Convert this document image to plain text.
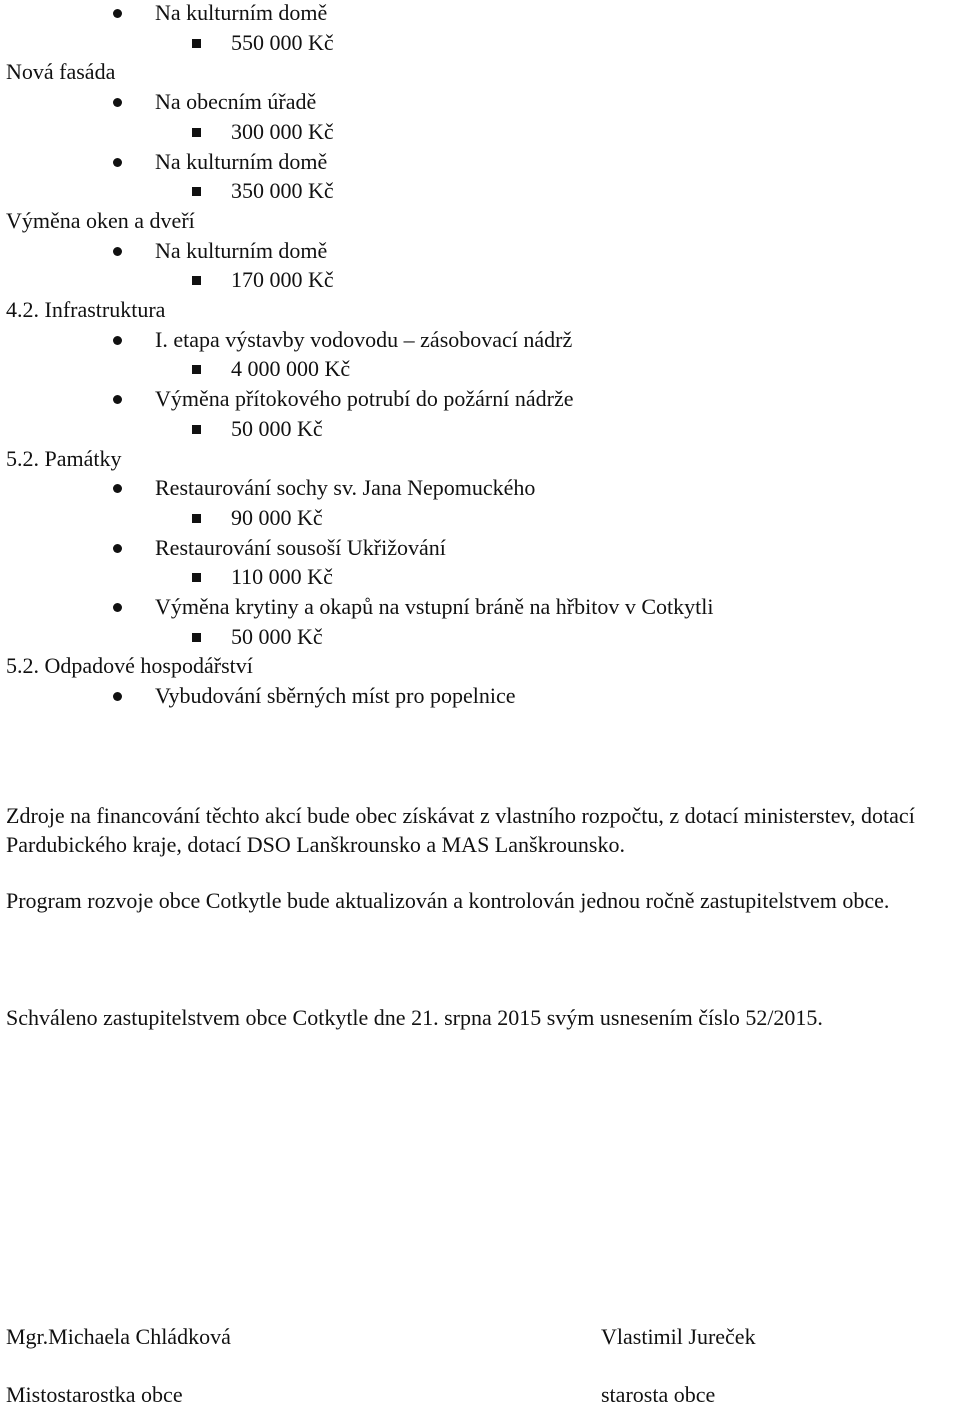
Na kulturním domě
550 000 Kč
Nová fasáda
Na obecním úřadě
300 000 Kč
Na kulturním domě
350 000 Kč
Výměna oken a dveří
Na kulturním domě
170 000 Kč
4.2. Infrastruktura
I. etapa výstavby vodovodu – zásobovací nádrž
4 000 000 Kč
Výměna přítokového potrubí do požární nádrže
50 000 Kč
5.2. Památky
Restaurování sochy sv. Jana Nepomuckého
90 000 Kč
Restaurování sousoší Ukřižování
110 000 Kč
Výměna krytiny a okapů na vstupní bráně na hřbitov v Cotkytli
50 000 Kč
5.2. Odpadové hospodářství
Vybudování sběrných míst pro popelnice
Zdroje na financování těchto akcí bude obec získávat z vlastního rozpočtu, z dotací ministerstev, dotací Pardubického kraje, dotací DSO Lanškrounsko a MAS Lanškrounsko.
Program rozvoje obce Cotkytle bude aktualizován a kontrolován jednou ročně zastupitelstvem obce.
Schváleno zastupitelstvem obce Cotkytle dne 21. srpna 2015 svým usnesením číslo 52/2015.
Mgr.Michaela Chládková
Mistostarostka obce
Vlastimil Jureček
starosta obce
